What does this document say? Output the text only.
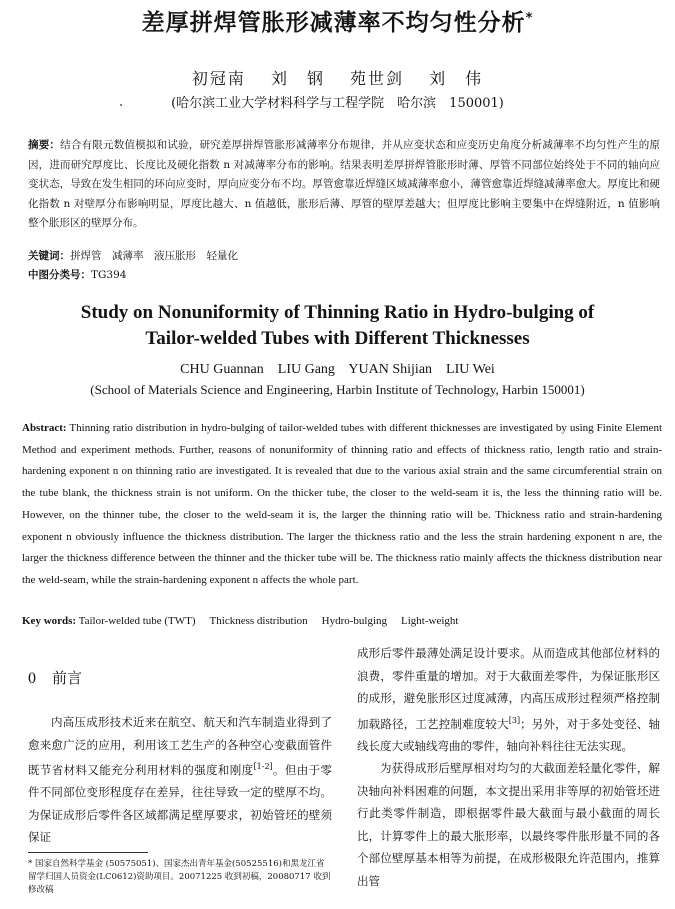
差厚拼焊管胀形减薄率不均匀性分析*
初冠南　 刘　钢　 苑世剑　 刘　伟
(哈尔滨工业大学材料科学与工程学院　哈尔滨　150001)
摘要：结合有限元数值模拟和试验，研究差厚拼焊管胀形减薄率分布规律，并从应变状态和应变历史角度分析减薄率不均匀性产生的原因，进而研究厚度比、长度比及硬化指数 n 对减薄率分布的影响。结果表明差厚拼焊管胀形时薄、厚管不同部位始终处于不同的轴向应变状态，导致在发生相同的环向应变时，厚向应变分布不均。厚管愈靠近焊缝区域减薄率愈小，薄管愈靠近焊缝减薄率愈大。厚度比和硬化指数 n 对壁厚分布影响明显，厚度比越大、n 值越低，胀形后薄、厚管的壁厚差越大；但厚度比影响主要集中在焊缝附近，n 值影响整个胀形区的壁厚分布。
关键词：拼焊管　 减薄率　 液压胀形　 轻量化
中图分类号：TG394
Study on Nonuniformity of Thinning Ratio in Hydro-bulging of
Tailor-welded Tubes with Different Thicknesses
CHU Guannan LIU Gang YUAN Shijian LIU Wei
(School of Materials Science and Engineering, Harbin Institute of Technology, Harbin 150001)
Abstract: Thinning ratio distribution in hydro-bulging of tailor-welded tubes with different thicknesses are investigated by using Finite Element Method and experiment methods. Further, reasons of nonuniformity of thinning ratio and effects of thickness ratio, length ratio and strain-hardening exponent n on thinning ratio are investigated. It is revealed that due to the various axial strain and the same circumferential strain on the tube blank, the thickness strain is not uniform. On the thicker tube, the closer to the weld-seam it is, the less the thinning ratio will be. However, on the thinner tube, the closer to the weld-seam it is, the larger the thinning ratio will be. Thickness ratio and strain-hardening exponent n obviously influence the thickness distribution. The larger the thickness ratio and the less the strain hardening exponent n are, the larger the thickness difference between the thinner and the thicker tube will be. The thickness ratio mainly affects the thickness distribution near the weld-seam, while the strain-hardening exponent n affects the whole part.
Key words: Tailor-welded tube (TWT) Thickness distribution Hydro-bulging Light-weight
0 前言
内高压成形技术近来在航空、航天和汽车制造业得到了愈来愈广泛的应用，利用该工艺生产的各种空心变截面管件既节省材料又能充分利用材料的强度和刚度[1-2]。但由于零件不同部位变形程度存在差异，往往导致一定的壁厚不均。为保证成形后零件各区域都满足壁厚要求，初始管坯的壁须保证

成形后零件最薄处满足设计要求。从而造成其他部位材料的浪费，零件重量的增加。对于大截面差零件，为保证胀形区的成形，避免胀形区过度减薄，内高压成形过程须严格控制加载路径，工艺控制难度较大[3]；另外，对于多处变径、轴线长度大或轴线弯曲的零件，轴向补料往往无法实现。

为获得成形后壁厚相对均匀的大截面差轻量化零件，解决轴向补料困难的问题，本文提出采用非等厚的初始管坯进行此类零件制造，即根据零件最大截面与最小截面的周长比，计算零件上的最大胀形率，以最终零件胀形量不同的各个部位壁厚基本相等为前提，在成形极限允许范围内，推算出管

* 国家自然科学基金 (50575051)、国家杰出青年基金(50525516)和黑龙江省留学归国人员资金(LC0612)资助项目。20071225 收到初稿，20080717 收到修改稿
